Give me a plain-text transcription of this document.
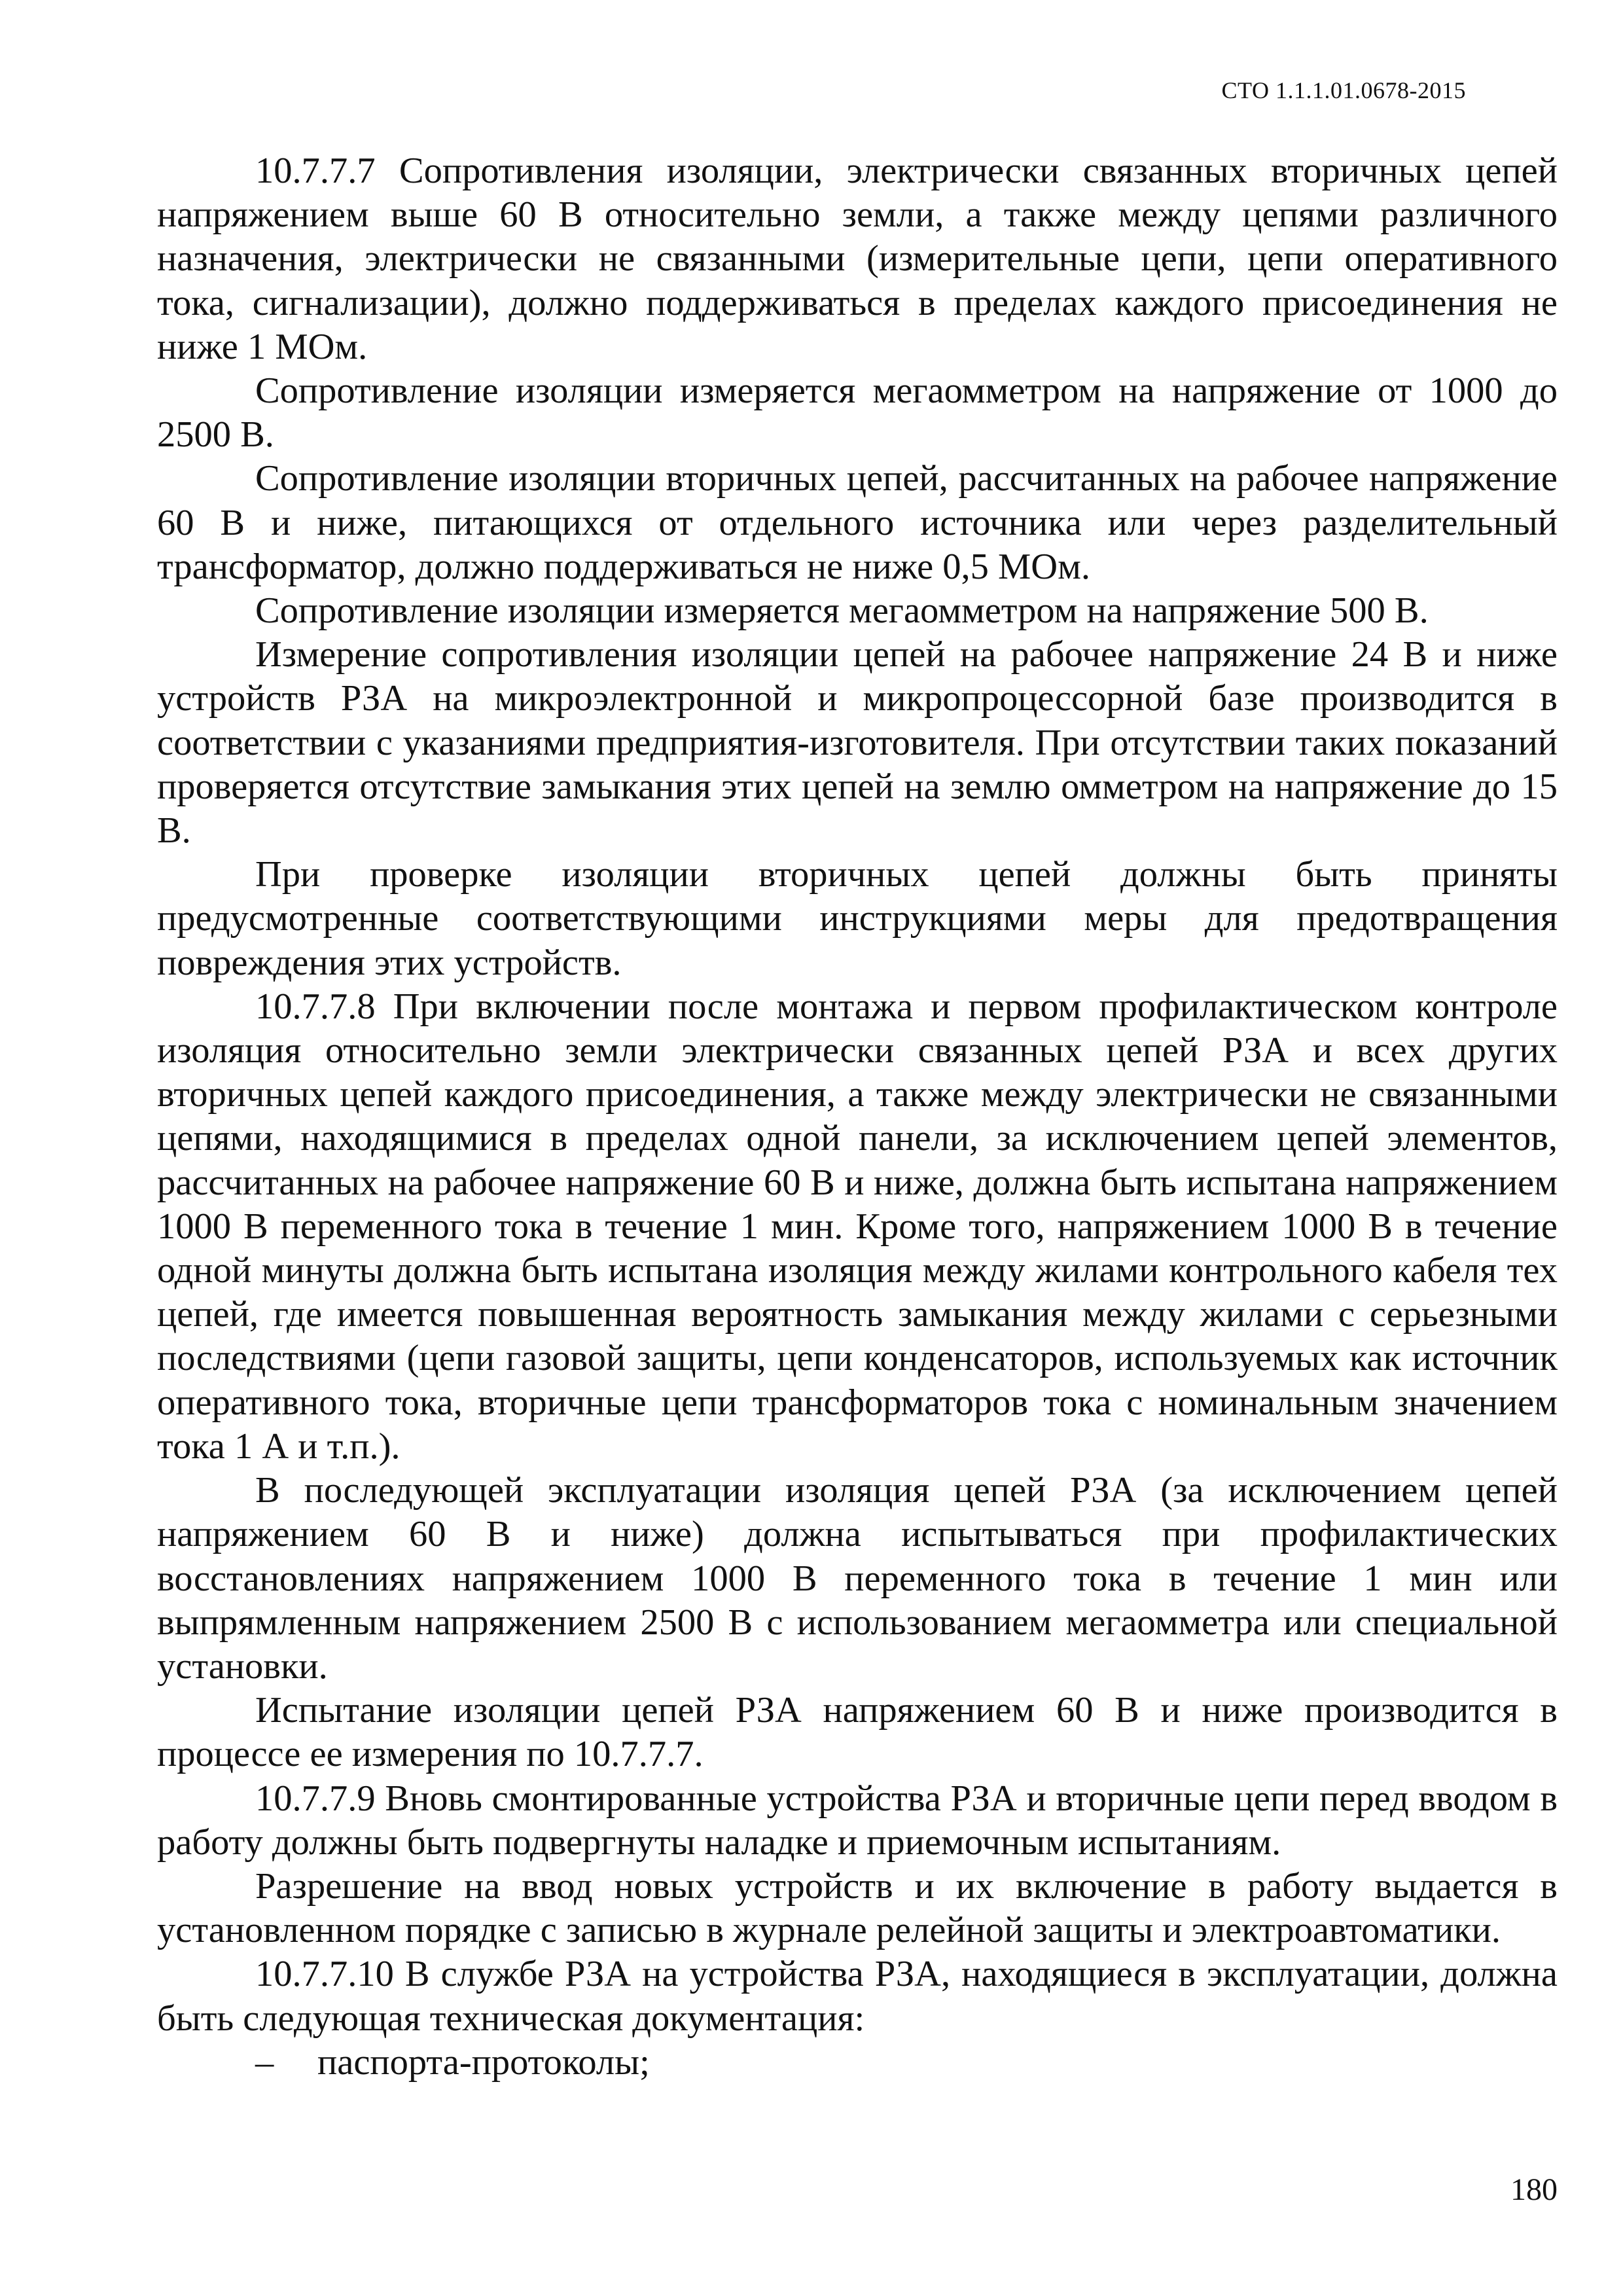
СТО 1.1.1.01.0678-2015

10.7.7.7 Сопротивления изоляции, электрически связанных вторичных цепей напряжением выше 60 В относительно земли, а также между цепями различного назначения, электрически не связанными (измерительные цепи, цепи оперативного тока, сигнализации), должно поддерживаться в пределах каждого присоединения не ниже 1 МОм.

Сопротивление изоляции измеряется мегаомметром на напряжение от 1000 до 2500 В.

Сопротивление изоляции вторичных цепей, рассчитанных на рабочее напряжение 60 В и ниже, питающихся от отдельного источника или через разделительный трансформатор, должно поддерживаться не ниже 0,5 МОм.

Сопротивление изоляции измеряется мегаомметром на напряжение 500 В.

Измерение сопротивления изоляции цепей на рабочее напряжение 24 В и ниже устройств РЗА на микроэлектронной и микропроцессорной базе производится в соответствии с указаниями предприятия-изготовителя. При отсутствии таких показаний проверяется отсутствие замыкания этих цепей на землю омметром на напряжение до 15 В.

При проверке изоляции вторичных цепей должны быть приняты предусмотренные соответствующими инструкциями меры для предотвращения повреждения этих устройств.

10.7.7.8 При включении после монтажа и первом профилактическом контроле изоляция относительно земли электрически связанных цепей РЗА и всех других вторичных цепей каждого присоединения, а также между электрически не связанными цепями, находящимися в пределах одной панели, за исключением цепей элементов, рассчитанных на рабочее напряжение 60 В и ниже, должна быть испытана напряжением 1000 В переменного тока в течение 1 мин. Кроме того, напряжением 1000 В в течение одной минуты должна быть испытана изоляция между жилами контрольного кабеля тех цепей, где имеется повышенная вероятность замыкания между жилами с серьезными последствиями (цепи газовой защиты, цепи конденсаторов, используемых как источник оперативного тока, вторичные цепи трансформаторов тока с номинальным значением тока 1 А и т.п.).

В последующей эксплуатации изоляция цепей РЗА (за исключением цепей напряжением 60 В и ниже) должна испытываться при профилактических восстановлениях напряжением 1000 В переменного тока в течение 1 мин или выпрямленным напряжением 2500 В с использованием мегаомметра или специальной установки.

Испытание изоляции цепей РЗА напряжением 60 В и ниже производится в процессе ее измерения по 10.7.7.7.

10.7.7.9 Вновь смонтированные устройства РЗА и вторичные цепи перед вводом в работу должны быть подвергнуты наладке и приемочным испытаниям.

Разрешение на ввод новых устройств и их включение в работу выдается в установленном порядке с записью в журнале релейной защиты и электроавтоматики.

10.7.7.10 В службе РЗА на устройства РЗА, находящиеся в эксплуатации, должна быть следующая техническая документация:

–	паспорта-протоколы;
180
